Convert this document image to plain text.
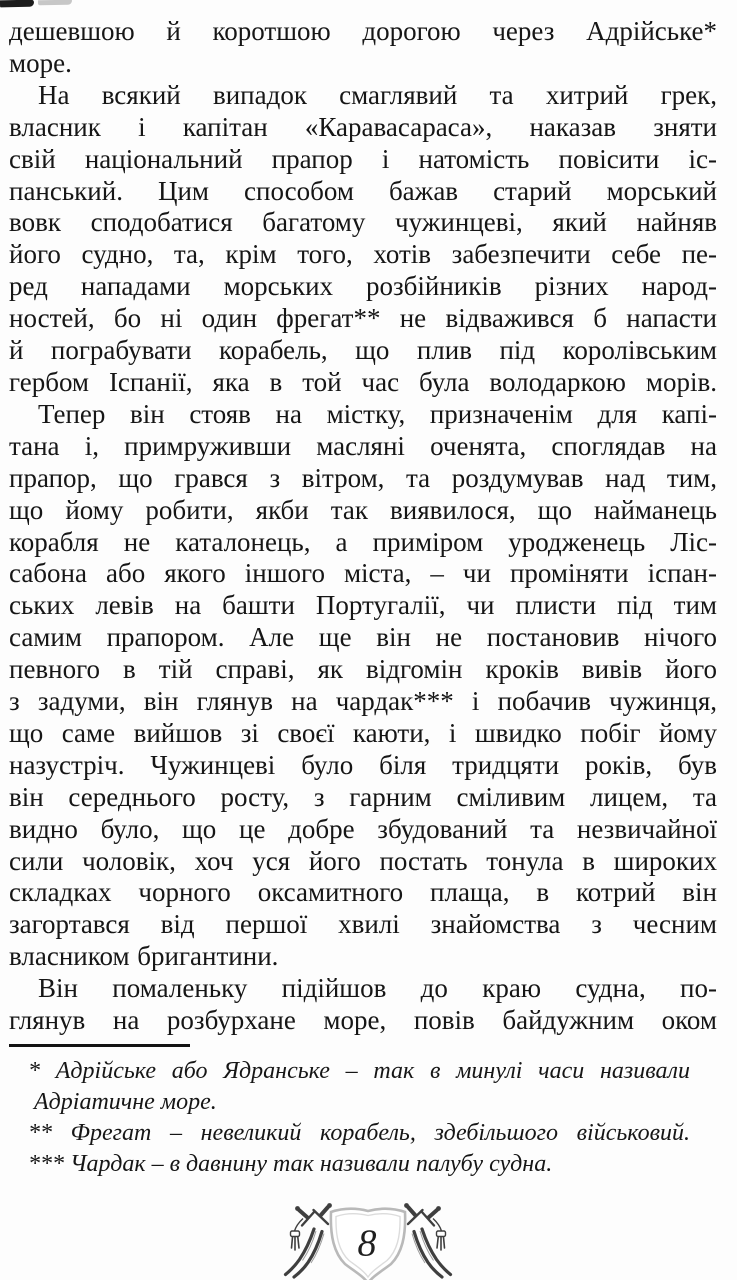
дешевшою й коротшою дорогою через Адрійське*
море.
На всякий випадок смаглявий та хитрий грек,
власник і капітан «Каравасараса», наказав зняти
свій національний прапор і натомість повісити іс-
панський. Цим способом бажав старий морський
вовк сподобатися багатому чужинцеві, який найняв
його судно, та, крім того, хотів забезпечити себе пе-
ред нападами морських розбійників різних народ-
ностей, бо ні один фрегат** не відважився б напасти
й пограбувати корабель, що плив під королівським
гербом Іспанії, яка в той час була володаркою морів.
Тепер він стояв на містку, призначенім для капі-
тана і, примруживши масляні оченята, споглядав на
прапор, що грався з вітром, та роздумував над тим,
що йому робити, якби так виявилося, що найманець
корабля не каталонець, а приміром уродженець Ліс-
сабона або якого іншого міста, – чи проміняти іспан-
ських левів на башти Португалії, чи плисти під тим
самим прапором. Але ще він не постановив нічого
певного в тій справі, як відгомін кроків вивів його
з задуми, він глянув на чардак*** і побачив чужинця,
що саме вийшов зі своєї каюти, і швидко побіг йому
назустріч. Чужинцеві було біля тридцяти років, був
він середнього росту, з гарним сміливим лицем, та
видно було, що це добре збудований та незвичайної
сили чоловік, хоч уся його постать тонула в широких
складках чорного оксамитного плаща, в котрий він
загортався від першої хвилі знайомства з чесним
власником бригантини.
Він помаленьку підійшов до краю судна, по-
глянув на розбурхане море, повів байдужним оком
* Адрійське або Ядранське – так в минулі часи називали
Адріатичне море.
** Фрегат – невеликий корабель, здебільшого військовий.
*** Чардак – в давнину так називали палубу судна.
8
